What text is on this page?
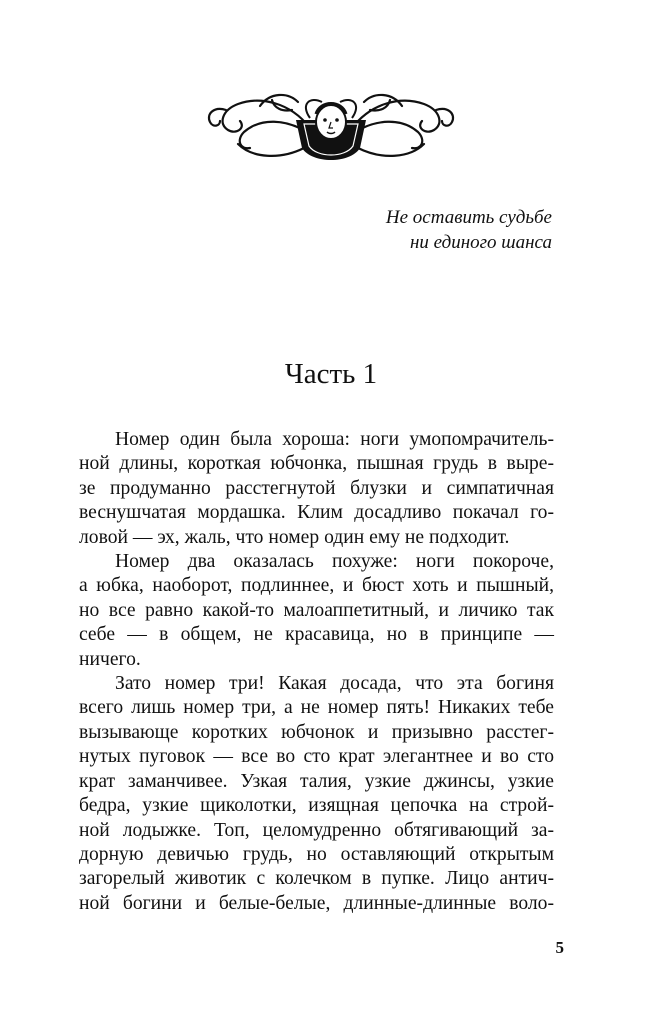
Не оставить судьбе
ни единого шанса
Часть 1
Номер один была хороша: ноги умопомрачитель-
ной длины, короткая юбчонка, пышная грудь в выре-
зе продуманно расстегнутой блузки и симпатичная
веснушчатая мордашка. Клим досадливо покачал го-
ловой — эх, жаль, что номер один ему не подходит.
Номер два оказалась похуже: ноги покороче,
а юбка, наоборот, подлиннее, и бюст хоть и пышный,
но все равно какой-то малоаппетитный, и личико так
себе — в общем, не красавица, но в принципе —
ничего.
Зато номер три! Какая досада, что эта богиня
всего лишь номер три, а не номер пять! Никаких тебе
вызывающе коротких юбчонок и призывно расстег-
нутых пуговок — все во сто крат элегантнее и во сто
крат заманчивее. Узкая талия, узкие джинсы, узкие
бедра, узкие щиколотки, изящная цепочка на строй-
ной лодыжке. Топ, целомудренно обтягивающий за-
дорную девичью грудь, но оставляющий открытым
загорелый животик с колечком в пупке. Лицо антич-
ной богини и белые-белые, длинные-длинные воло-
5
